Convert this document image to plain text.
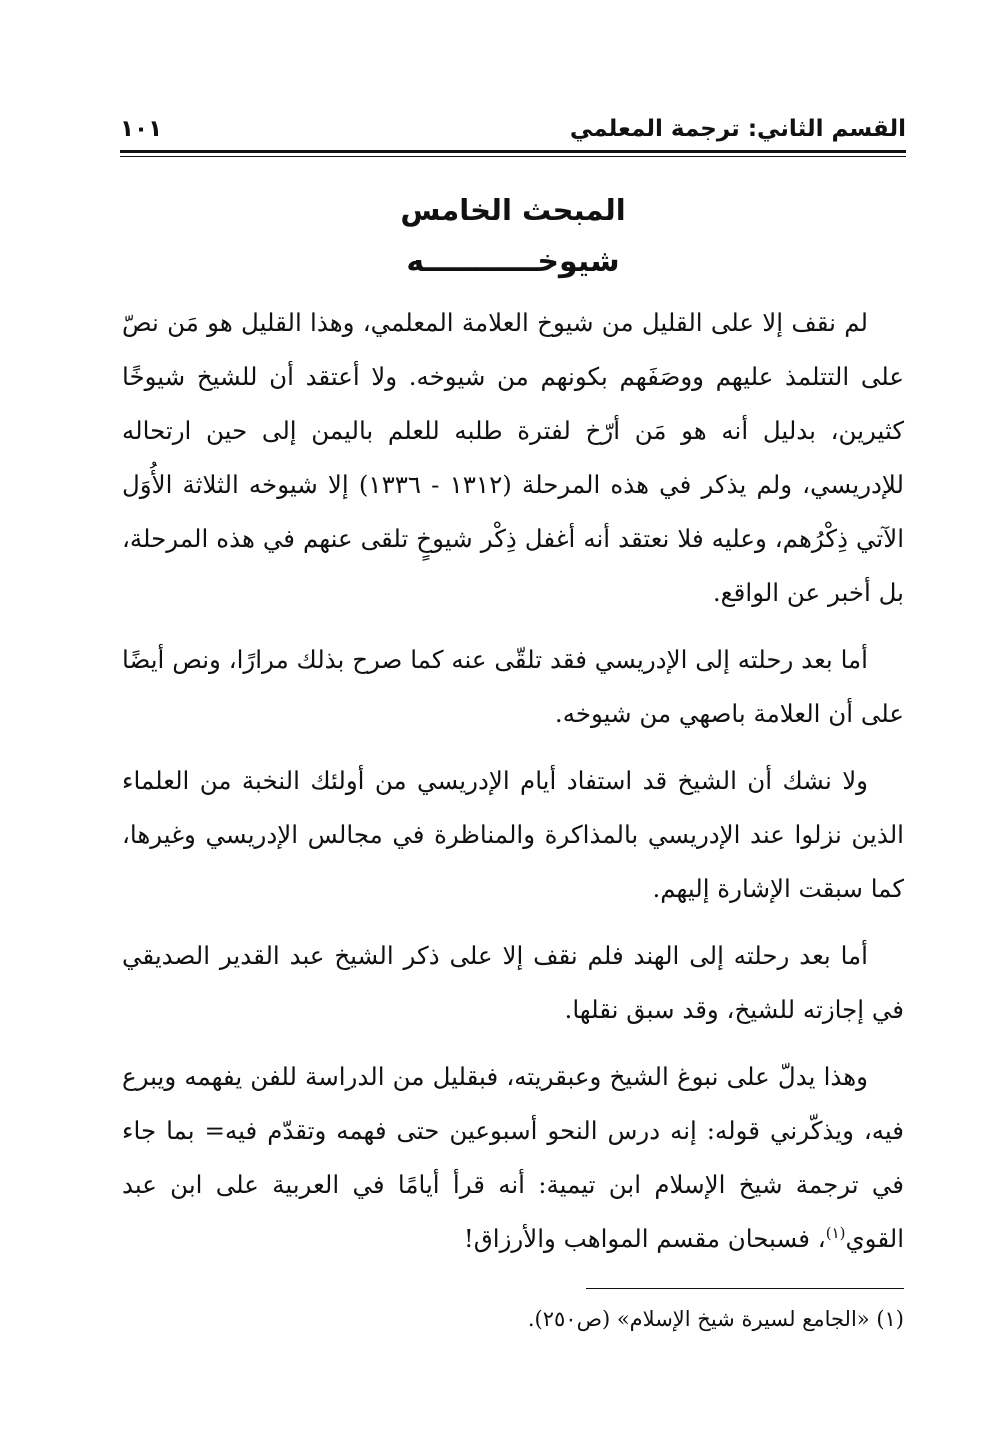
القسم الثاني: ترجمة المعلمي
١٠١
المبحث الخامس
شيوخـــــــــــه

لم نقف إلا على القليل من شيوخ العلامة المعلمي، وهذا القليل هو مَن نصّ على التتلمذ عليهم ووصَفَهم بكونهم من شيوخه. ولا أعتقد أن للشيخ شيوخًا كثيرين، بدليل أنه هو مَن أرّخ لفترة طلبه للعلم باليمن إلى حين ارتحاله للإدريسي، ولم يذكر في هذه المرحلة (١٣١٢ - ١٣٣٦) إلا شيوخه الثلاثة الأُوَل الآتي ذِكْرُهم، وعليه فلا نعتقد أنه أغفل ذِكْر شيوخٍ تلقى عنهم في هذه المرحلة، بل أخبر عن الواقع.

أما بعد رحلته إلى الإدريسي فقد تلقّى عنه كما صرح بذلك مرارًا، ونص أيضًا على أن العلامة باصهي من شيوخه.

ولا نشك أن الشيخ قد استفاد أيام الإدريسي من أولئك النخبة من العلماء الذين نزلوا عند الإدريسي بالمذاكرة والمناظرة في مجالس الإدريسي وغيرها، كما سبقت الإشارة إليهم.

أما بعد رحلته إلى الهند فلم نقف إلا على ذكر الشيخ عبد القدير الصديقي في إجازته للشيخ، وقد سبق نقلها.

وهذا يدلّ على نبوغ الشيخ وعبقريته، فبقليل من الدراسة للفن يفهمه ويبرع فيه، ويذكّرني قوله: إنه درس النحو أسبوعين حتى فهمه وتقدّم فيه= بما جاء في ترجمة شيخ الإسلام ابن تيمية: أنه قرأ أيامًا في العربية على ابن عبد القوي$^{(١)}$، فسبحان مقسم المواهب والأرزاق!

(١) «الجامع لسيرة شيخ الإسلام» (ص٢٥٠).
